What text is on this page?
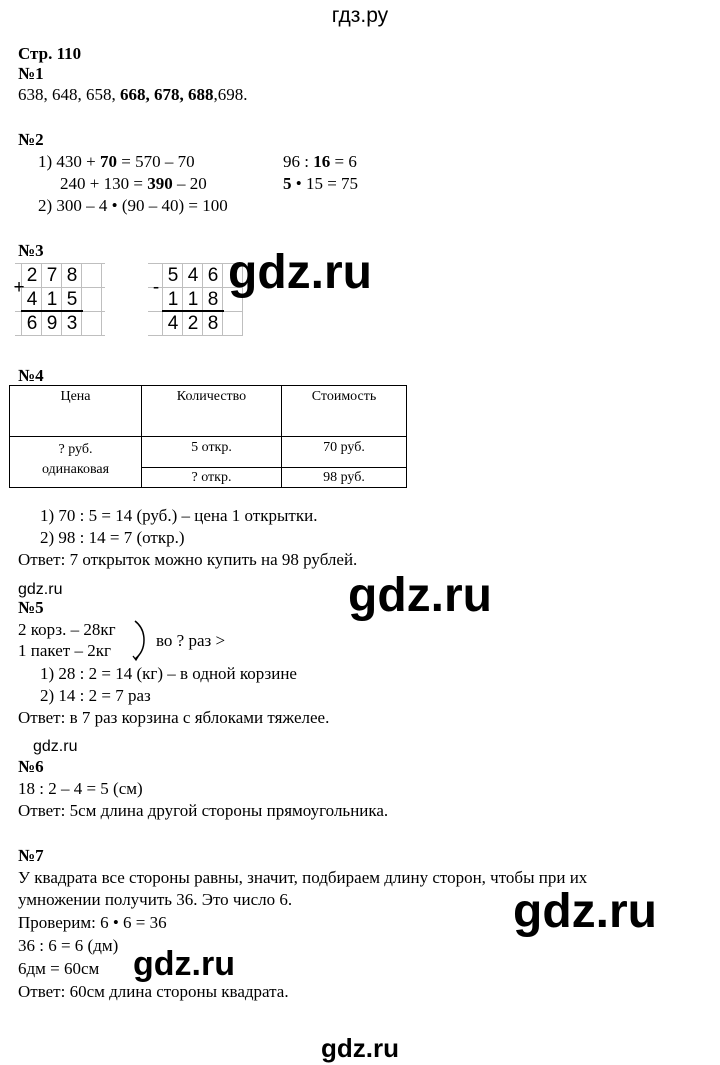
гдз.ру
Стр. 110
№1
638, 648, 658, 668, 678, 688,698.
№2
1) 430 + 70 = 570 – 70	96 : 16 = 6
240 + 130 = 390 – 20	5 • 15 = 75
2) 300 – 4 • (90 – 40) = 100
№3
+
2 7 8
4 1 5
6 9 3
-
5 4 6
1 1 8
4 2 8
gdz.ru
№4
Цена	Количество	Стоимость

? руб.
одинаковая	5 откр.	70 руб.
	? откр.	98 руб.
1) 70 : 5 = 14 (руб.) – цена 1 открытки.
2) 98 : 14 = 7 (откр.)
Ответ: 7 открыток можно купить на 98 рублей.
gdz.ru	gdz.ru
№5
2 корз. – 28кг
1 пакет – 2кг
во ? раз >
1) 28 : 2 = 14 (кг) – в одной корзине
2) 14 : 2 = 7 раз
Ответ: в 7 раз корзина с яблоками тяжелее.
gdz.ru
№6
18 : 2 – 4 = 5 (см)
Ответ: 5см длина другой стороны прямоугольника.
№7
У квадрата все стороны равны, значит, подбираем длину сторон, чтобы при их
умножении получить 36. Это число 6.
Проверим: 6 • 6 = 36
36 : 6 = 6 (дм)
6дм = 60см
Ответ: 60см длина стороны квадрата.
gdz.ru
gdz.ru
gdz.ru
